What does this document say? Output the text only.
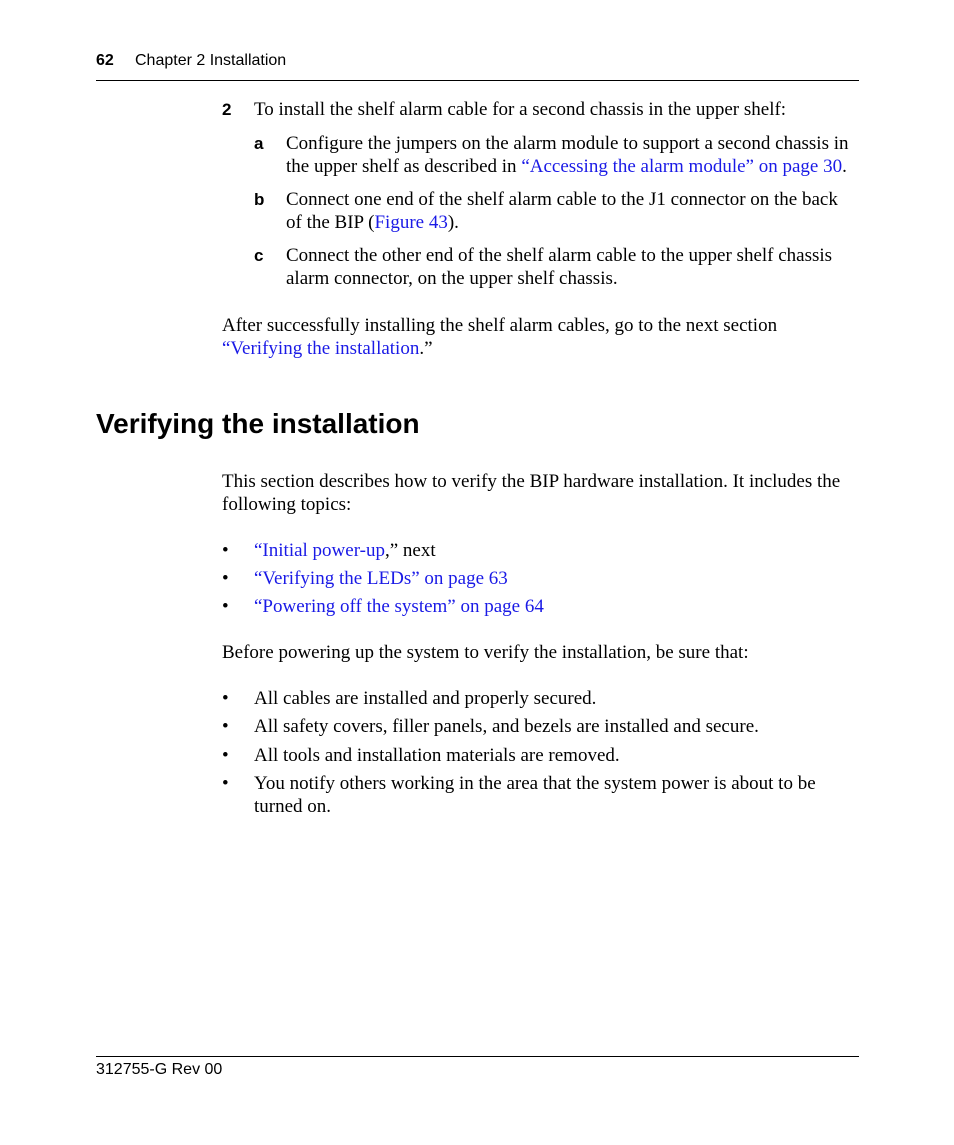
62 Chapter 2 Installation
2 To install the shelf alarm cable for a second chassis in the upper shelf:
a Configure the jumpers on the alarm module to support a second chassis in
the upper shelf as described in “Accessing the alarm module” on page 30.
b Connect one end of the shelf alarm cable to the J1 connector on the back
of the BIP (Figure 43).
c Connect the other end of the shelf alarm cable to the upper shelf chassis
alarm connector, on the upper shelf chassis.
After successfully installing the shelf alarm cables, go to the next section
“Verifying the installation.”
Verifying the installation
This section describes how to verify the BIP hardware installation. It includes the
following topics:
• “Initial power-up,” next
• “Verifying the LEDs” on page 63
• “Powering off the system” on page 64
Before powering up the system to verify the installation, be sure that:
• All cables are installed and properly secured.
• All safety covers, filler panels, and bezels are installed and secure.
• All tools and installation materials are removed.
• You notify others working in the area that the system power is about to be
turned on.
312755-G Rev 00
